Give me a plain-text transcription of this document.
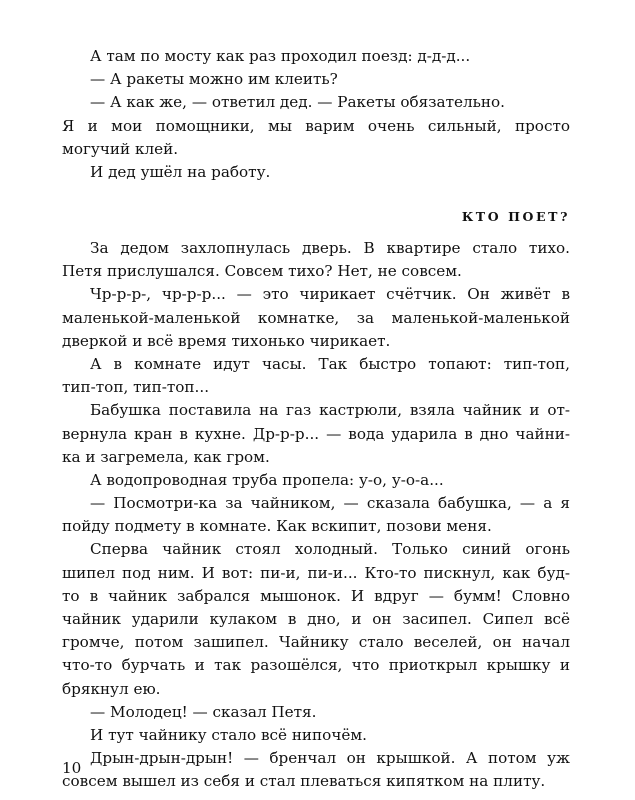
А там по мосту как раз проходил поезд: д-д-д...
— А ракеты можно им клеить?
— А как же, — ответил дед. — Ракеты обязательно.
Я и мои помощники, мы варим очень сильный, просто могучий клей.
И дед ушёл на работу.
КТО ПОЕТ?
За дедом захлопнулась дверь. В квартире стало тихо.
Петя прислушался. Совсем тихо? Нет, не совсем.
Чр-р-р-, чр-р-р... — это чирикает счётчик. Он живёт в
маленькой-маленькой комнатке, за маленькой-маленькой
дверкой и всё время тихонько чирикает.
А в комнате идут часы. Так быстро топают: тип-топ,
тип-топ, тип-топ...
Бабушка поставила на газ кастрюли, взяла чайник и от-
вернула кран в кухне. Др-р-р... — вода ударила в дно чайни-
ка и загремела, как гром.
А водопроводная труба пропела: у-о, у-о-а...
— Посмотри-ка за чайником, — сказала бабушка, — а я
пойду подмету в комнате. Как вскипит, позови меня.
Сперва чайник стоял холодный. Только синий огонь
шипел под ним. И вот: пи-и, пи-и... Кто-то пискнул, как буд-
то в чайник забрался мышонок. И вдруг — бумм! Словно
чайник ударили кулаком в дно, и он засипел. Сипел всё
громче, потом зашипел. Чайнику стало веселей, он начал
что-то бурчать и так разошёлся, что приоткрыл крышку и
брякнул ею.
— Молодец! — сказал Петя.
И тут чайнику стало всё нипочём.
Дрын-дрын-дрын! — бренчал он крышкой. А потом уж
совсем вышел из себя и стал плеваться кипятком на плиту.
10
